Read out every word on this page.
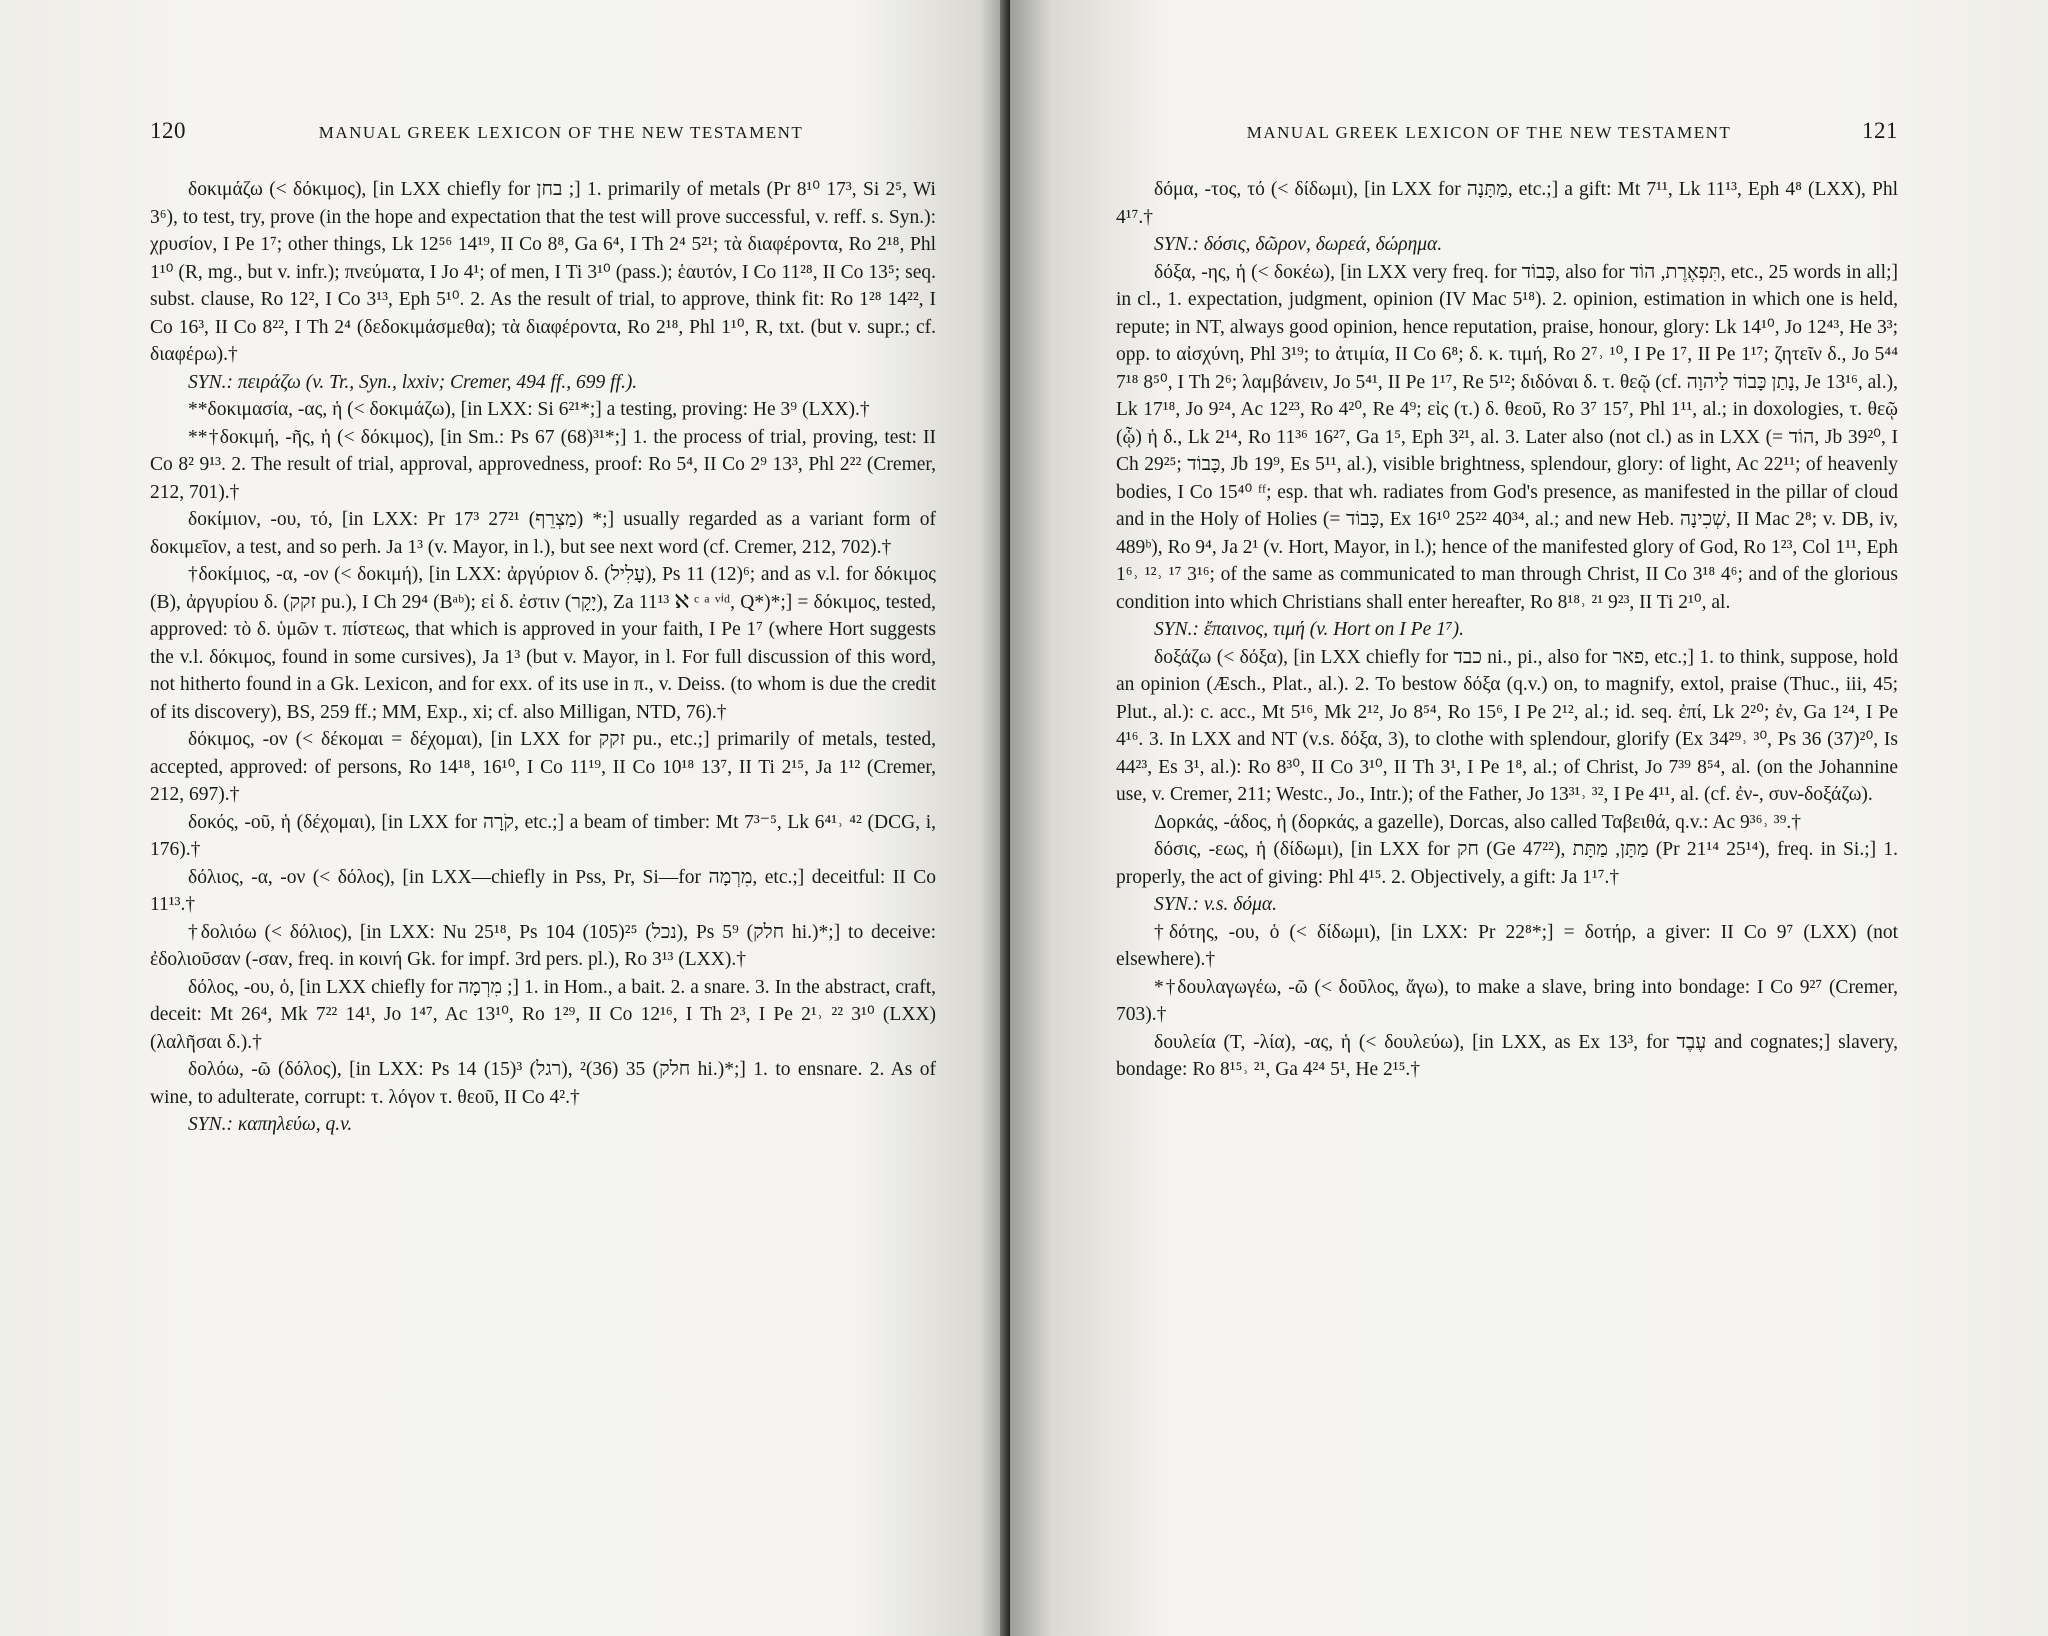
120	MANUAL GREEK LEXICON OF THE NEW TESTAMENT

δοκιμάζω (< δόκιμος), [in LXX chiefly for בחן ;] 1. primarily of metals (Pr 8¹⁰ 17³, Si 2⁵, Wi 3⁶), to test, try, prove (in the hope and expectation that the test will prove successful, v. reff. s. Syn.): χρυσίον, I Pe 1⁷; other things, Lk 12⁵⁶ 14¹⁹, II Co 8⁸, Ga 6⁴, I Th 2⁴ 5²¹; τὰ διαφέροντα, Ro 2¹⁸, Phl 1¹⁰ (R, mg., but v. infr.); πνεύματα, I Jo 4¹; of men, I Ti 3¹⁰ (pass.); ἑαυτόν, I Co 11²⁸, II Co 13⁵; seq. subst. clause, Ro 12², I Co 3¹³, Eph 5¹⁰. 2. As the result of trial, to approve, think fit: Ro 1²⁸ 14²², I Co 16³, II Co 8²², I Th 2⁴ (δεδοκιμάσμεθα); τὰ διαφέροντα, Ro 2¹⁸, Phl 1¹⁰, R, txt. (but v. supr.; cf. διαφέρω).†

SYN.: πειράζω (v. Tr., Syn., lxxiv; Cremer, 494 ff., 699 ff.).

**δοκιμασία, -ας, ἡ (< δοκιμάζω), [in LXX: Si 6²¹*;] a testing, proving: He 3⁹ (LXX).†

**†δοκιμή, -ῆς, ἡ (< δόκιμος), [in Sm.: Ps 67 (68)³¹*;] 1. the process of trial, proving, test: II Co 8² 9¹³. 2. The result of trial, approval, approvedness, proof: Ro 5⁴, II Co 2⁹ 13³, Phl 2²² (Cremer, 212, 701).†

δοκίμιον, -ου, τό, [in LXX: Pr 17³ 27²¹ (מַצְרֵף) *;] usually regarded as a variant form of δοκιμεῖον, a test, and so perh. Ja 1³ (v. Mayor, in l.), but see next word (cf. Cremer, 212, 702).†

†δοκίμιος, -α, -ον (< δοκιμή), [in LXX: ἀργύριον δ. (עָלִיל), Ps 11 (12)⁶; and as v.l. for δόκιμος (B), ἀργυρίου δ. (זקק pu.), I Ch 29⁴ (Bᵃᵇ); εἰ δ. ἐστιν (יָקָר), Za 11¹³ ℵ ᶜ ᵃ ᵛⁱᵈ, Q*)*;] = δόκιμος, tested, approved: τὸ δ. ὑμῶν τ. πίστεως, that which is approved in your faith, I Pe 1⁷ (where Hort suggests the v.l. δόκιμος, found in some cursives), Ja 1³ (but v. Mayor, in l. For full discussion of this word, not hitherto found in a Gk. Lexicon, and for exx. of its use in π., v. Deiss. (to whom is due the credit of its discovery), BS, 259 ff.; MM, Exp., xi; cf. also Milligan, NTD, 76).†

δόκιμος, -ον (< δέκομαι = δέχομαι), [in LXX for זקק pu., etc.;] primarily of metals, tested, accepted, approved: of persons, Ro 14¹⁸, 16¹⁰, I Co 11¹⁹, II Co 10¹⁸ 13⁷, II Ti 2¹⁵, Ja 1¹² (Cremer, 212, 697).†

δοκός, -οῦ, ἡ (δέχομαι), [in LXX for קֹרָה, etc.;] a beam of timber: Mt 7³⁻⁵, Lk 6⁴¹˒ ⁴² (DCG, i, 176).†

δόλιος, -α, -ον (< δόλος), [in LXX—chiefly in Pss, Pr, Si—for מִרְמָה, etc.;] deceitful: II Co 11¹³.†

†δολιόω (< δόλιος), [in LXX: Nu 25¹⁸, Ps 104 (105)²⁵ (נכל), Ps 5⁹ (חלק hi.)*;] to deceive: ἐδολιοῦσαν (-σαν, freq. in κοινή Gk. for impf. 3rd pers. pl.), Ro 3¹³ (LXX).†

δόλος, -ου, ὁ, [in LXX chiefly for מִרְמָה ;] 1. in Hom., a bait. 2. a snare. 3. In the abstract, craft, deceit: Mt 26⁴, Mk 7²² 14¹, Jo 1⁴⁷, Ac 13¹⁰, Ro 1²⁹, II Co 12¹⁶, I Th 2³, I Pe 2¹˒ ²² 3¹⁰ (LXX) (λαλῆσαι δ.).†

δολόω, -ῶ (δόλος), [in LXX: Ps 14 (15)³ (רגל), 35 (36)² (חלק hi.)*;] 1. to ensnare. 2. As of wine, to adulterate, corrupt: τ. λόγον τ. θεοῦ, II Co 4².†

SYN.: καπηλεύω, q.v.

MANUAL GREEK LEXICON OF THE NEW TESTAMENT	121

δόμα, -τος, τό (< δίδωμι), [in LXX for מַתָּנָה, etc.;] a gift: Mt 7¹¹, Lk 11¹³, Eph 4⁸ (LXX), Phl 4¹⁷.†

SYN.: δόσις, δῶρον, δωρεά, δώρημα.

δόξα, -ης, ἡ (< δοκέω), [in LXX very freq. for כָּבוֹד, also for תִּפְאֶרֶת, הוֹד, etc., 25 words in all;] in cl., 1. expectation, judgment, opinion (IV Mac 5¹⁸). 2. opinion, estimation in which one is held, repute; in NT, always good opinion, hence reputation, praise, honour, glory: Lk 14¹⁰, Jo 12⁴³, He 3³; opp. to αἰσχύνη, Phl 3¹⁹; to ἀτιμία, II Co 6⁸; δ. κ. τιμή, Ro 2⁷˒ ¹⁰, I Pe 1⁷, II Pe 1¹⁷; ζητεῖν δ., Jo 5⁴⁴ 7¹⁸ 8⁵⁰, I Th 2⁶; λαμβάνειν, Jo 5⁴¹, II Pe 1¹⁷, Re 5¹²; διδόναι δ. τ. θεῷ (cf. נָתַן כָּבוֹד לַיהוָה, Je 13¹⁶, al.), Lk 17¹⁸, Jo 9²⁴, Ac 12²³, Ro 4²⁰, Re 4⁹; εἰς (τ.) δ. θεοῦ, Ro 3⁷ 15⁷, Phl 1¹¹, al.; in doxologies, τ. θεῷ (ᾧ) ἡ δ., Lk 2¹⁴, Ro 11³⁶ 16²⁷, Ga 1⁵, Eph 3²¹, al. 3. Later also (not cl.) as in LXX (= הוֹד, Jb 39²⁰, I Ch 29²⁵; כָּבוֹד, Jb 19⁹, Es 5¹¹, al.), visible brightness, splendour, glory: of light, Ac 22¹¹; of heavenly bodies, I Co 15⁴⁰ ᶠᶠ; esp. that wh. radiates from God's presence, as manifested in the pillar of cloud and in the Holy of Holies (= כָּבוֹד, Ex 16¹⁰ 25²² 40³⁴, al.; and new Heb. שְׁכִינָה, II Mac 2⁸; v. DB, iv, 489ᵇ), Ro 9⁴, Ja 2¹ (v. Hort, Mayor, in l.); hence of the manifested glory of God, Ro 1²³, Col 1¹¹, Eph 1⁶˒ ¹²˒ ¹⁷ 3¹⁶; of the same as communicated to man through Christ, II Co 3¹⁸ 4⁶; and of the glorious condition into which Christians shall enter hereafter, Ro 8¹⁸˒ ²¹ 9²³, II Ti 2¹⁰, al.

SYN.: ἔπαινος, τιμή (v. Hort on I Pe 1⁷).

δοξάζω (< δόξα), [in LXX chiefly for כבד ni., pi., also for פאר, etc.;] 1. to think, suppose, hold an opinion (Æsch., Plat., al.). 2. To bestow δόξα (q.v.) on, to magnify, extol, praise (Thuc., iii, 45; Plut., al.): c. acc., Mt 5¹⁶, Mk 2¹², Jo 8⁵⁴, Ro 15⁶, I Pe 2¹², al.; id. seq. ἐπί, Lk 2²⁰; ἐν, Ga 1²⁴, I Pe 4¹⁶. 3. In LXX and NT (v.s. δόξα, 3), to clothe with splendour, glorify (Ex 34²⁹˒ ³⁰, Ps 36 (37)²⁰, Is 44²³, Es 3¹, al.): Ro 8³⁰, II Co 3¹⁰, II Th 3¹, I Pe 1⁸, al.; of Christ, Jo 7³⁹ 8⁵⁴, al. (on the Johannine use, v. Cremer, 211; Westc., Jo., Intr.); of the Father, Jo 13³¹˒ ³², I Pe 4¹¹, al. (cf. ἐν-, συν-δοξάζω).

Δορκάς, -άδος, ἡ (δορκάς, a gazelle), Dorcas, also called Ταβειθά, q.v.: Ac 9³⁶˒ ³⁹.†

δόσις, -εως, ἡ (δίδωμι), [in LXX for חק (Ge 47²²), מַתָּן, מַתָּת (Pr 21¹⁴ 25¹⁴), freq. in Si.;] 1. properly, the act of giving: Phl 4¹⁵. 2. Objectively, a gift: Ja 1¹⁷.†

SYN.: v.s. δόμα.

†δότης, -ου, ὁ (< δίδωμι), [in LXX: Pr 22⁸*;] = δοτήρ, a giver: II Co 9⁷ (LXX) (not elsewhere).†

*†δουλαγωγέω, -ῶ (< δοῦλος, ἄγω), to make a slave, bring into bondage: I Co 9²⁷ (Cremer, 703).†

δουλεία (T, -λία), -ας, ἡ (< δουλεύω), [in LXX, as Ex 13³, for עֶבֶד and cognates;] slavery, bondage: Ro 8¹⁵˒ ²¹, Ga 4²⁴ 5¹, He 2¹⁵.†
